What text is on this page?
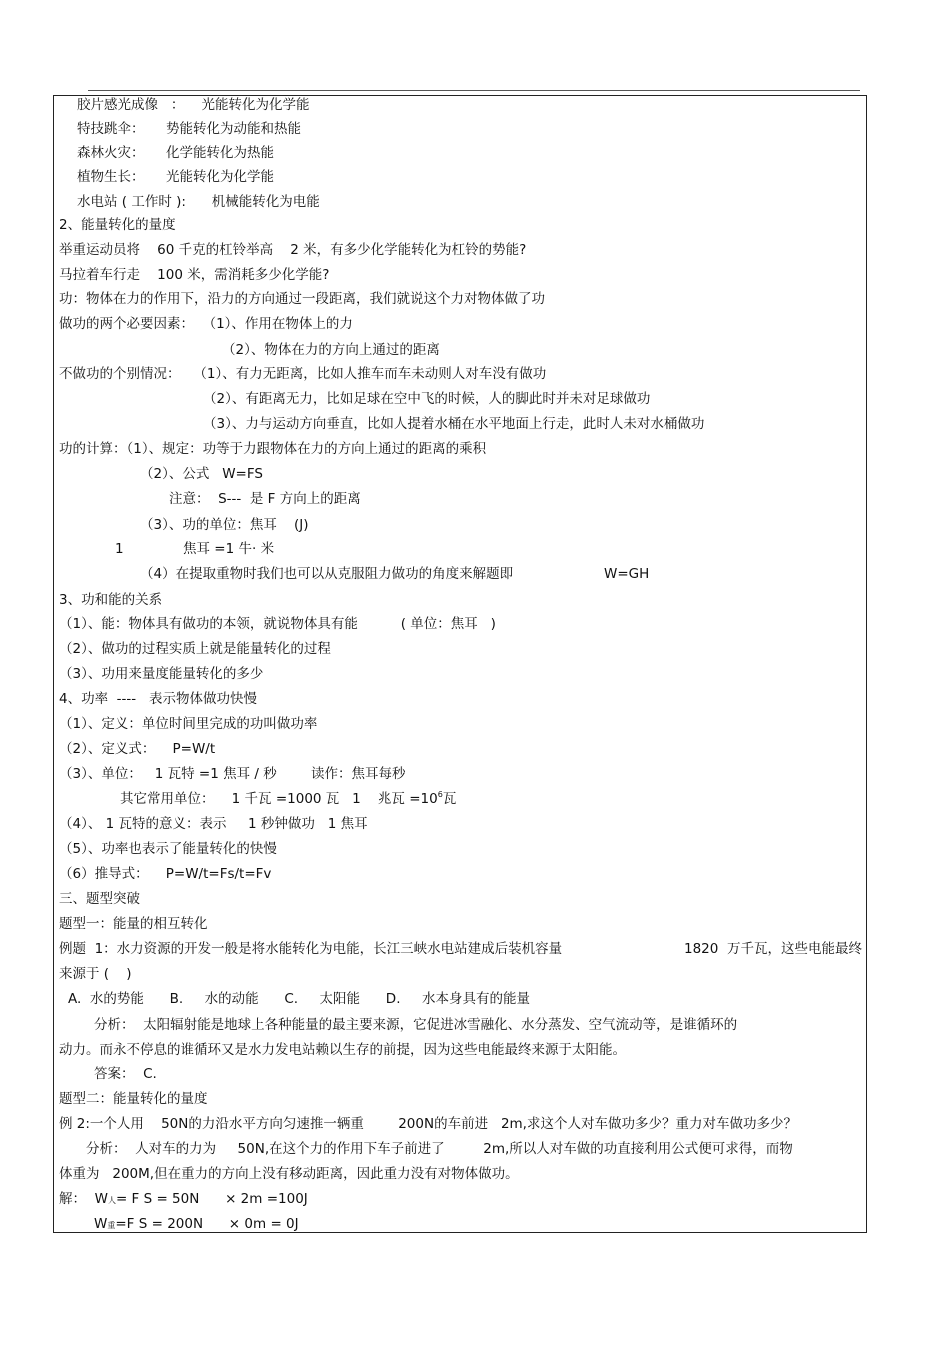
胶片感光成像   ：    光能转化为化学能
特技跳伞：     势能转化为动能和热能
森林火灾：     化学能转化为热能
植物生长：     光能转化为化学能
水电站 ( 工作时 ):      机械能转化为电能
2、能量转化的量度
举重运动员将    60 千克的杠铃举高    2 米，有多少化学能转化为杠铃的势能?
马拉着车行走    100 米，需消耗多少化学能?
功：物体在力的作用下，沿力的方向通过一段距离，我们就说这个力对物体做了功
做功的两个必要因素：  （1）、作用在物体上的力
（2）、物体在力的方向上通过的距离
不做功的个别情况：   （1）、有力无距离，比如人推车而车未动则人对车没有做功
（2）、有距离无力，比如足球在空中飞的时候，人的脚此时并未对足球做功
（3）、力与运动方向垂直，比如人提着水桶在水平地面上行走，此时人未对水桶做功
功的计算：（1）、规定：功等于力跟物体在力的方向上通过的距离的乘积
（2）、公式   W=FS
注意：  S---  是 F 方向上的距离
（3）、功的单位：焦耳    (J)
1	焦耳 =1 牛· 米
（4）在提取重物时我们也可以从克服阻力做功的角度来解题即	W=GH
3、功和能的关系
（1）、能：物体具有做功的本领，就说物体具有能          ( 单位：焦耳   )
（2）、做功的过程实质上就是能量转化的过程
（3）、功用来量度能量转化的多少
4、功率  ----   表示物体做功快慢
（1）、定义：单位时间里完成的功叫做功率
（2）、定义式：    P=W/t
（3）、单位：   1 瓦特 =1 焦耳 / 秒        读作：焦耳每秒
其它常用单位：    1 千瓦 =1000 瓦   1    兆瓦 $=10^6$瓦
（4）、 1 瓦特的意义：表示     1 秒钟做功   1 焦耳
（5）、功率也表示了能量转化的快慢
（6）推导式：    P=W/t=Fs/t=Fv
三、题型突破
题型一：能量的相互转化
例题  1：水力资源的开发一般是将水能转化为电能，长江三峡水电站建成后装机容量	1820  万千瓦，这些电能最终
来源于 (    )
A.  水的势能      B.     水的动能      C.     太阳能      D.     水本身具有的能量
分析：  太阳辐射能是地球上各种能量的最主要来源，它促进冰雪融化、水分蒸发、空气流动等，是谁循环的
动力。而永不停息的谁循环又是水力发电站赖以生存的前提，因为这些电能最终来源于太阳能。
答案：  C.
题型二：能量转化的量度
例 2:一个人用    50N的力沿水平方向匀速推一辆重        200N的车前进   2m,求这个人对车做功多少？重力对车做功多少？
分析：  人对车的力为     50N,在这个力的作用下车子前进了         2m,所以人对车做的功直接利用公式便可求得，而物
体重为   200M,但在重力的方向上没有移动距离，因此重力没有对物体做功。
解：  W人= F S = 50N      × 2m =100J
W重=F S = 200N      × 0m = 0J
